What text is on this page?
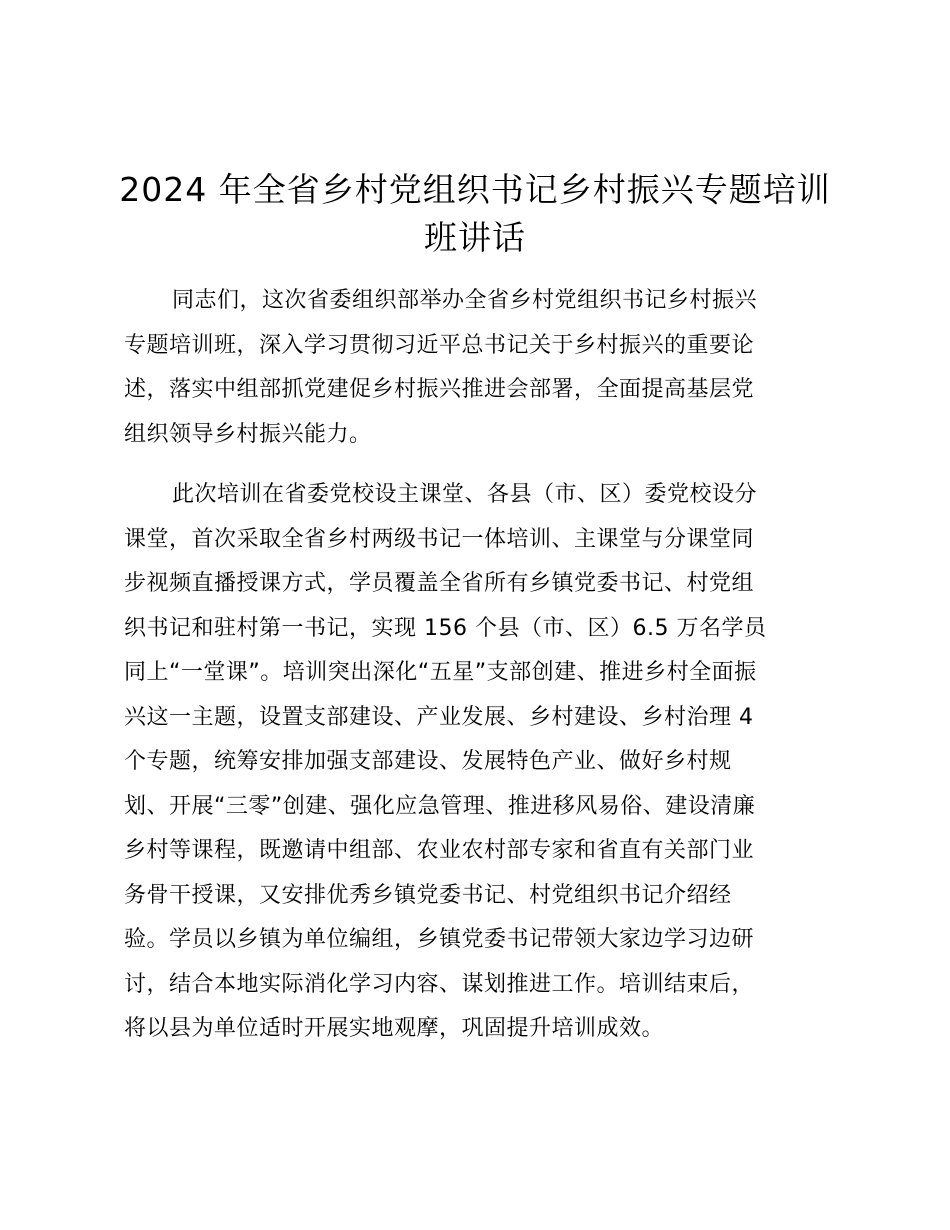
2024 年全省乡村党组织书记乡村振兴专题培训
班讲话

同志们，这次省委组织部举办全省乡村党组织书记乡村振兴
专题培训班，深入学习贯彻习近平总书记关于乡村振兴的重要论
述，落实中组部抓党建促乡村振兴推进会部署，全面提高基层党
组织领导乡村振兴能力。

此次培训在省委党校设主课堂、各县（市、区）委党校设分
课堂，首次采取全省乡村两级书记一体培训、主课堂与分课堂同
步视频直播授课方式，学员覆盖全省所有乡镇党委书记、村党组
织书记和驻村第一书记，实现 156 个县（市、区）6.5 万名学员
同上“一堂课”。培训突出深化“五星”支部创建、推进乡村全面振
兴这一主题，设置支部建设、产业发展、乡村建设、乡村治理 4
个专题，统筹安排加强支部建设、发展特色产业、做好乡村规
划、开展“三零”创建、强化应急管理、推进移风易俗、建设清廉
乡村等课程，既邀请中组部、农业农村部专家和省直有关部门业
务骨干授课，又安排优秀乡镇党委书记、村党组织书记介绍经
验。学员以乡镇为单位编组，乡镇党委书记带领大家边学习边研
讨，结合本地实际消化学习内容、谋划推进工作。培训结束后，
将以县为单位适时开展实地观摩，巩固提升培训成效。
